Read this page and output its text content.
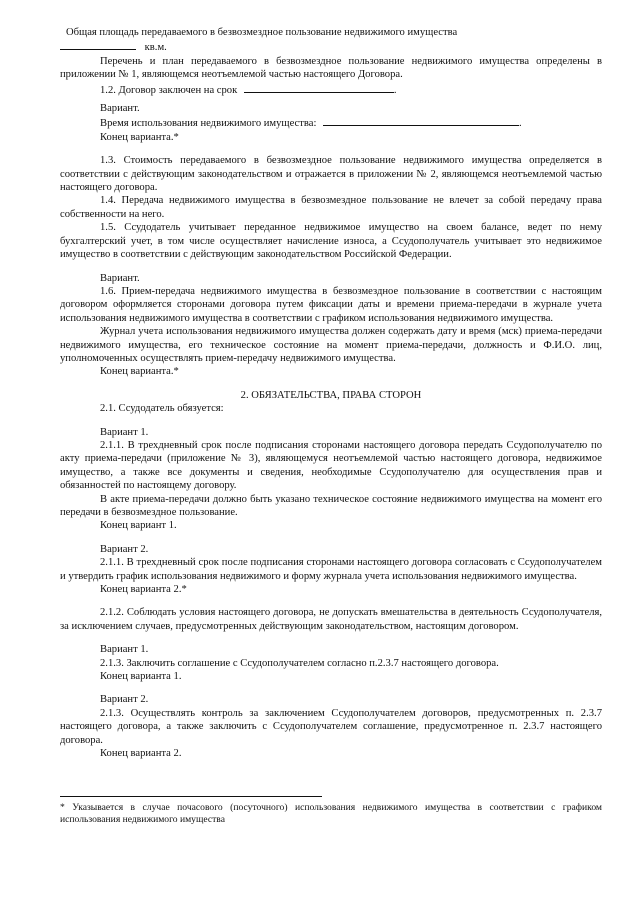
Общая площадь передаваемого в безвозмездное пользование недвижимого имущества

кв.м.

Перечень и план передаваемого в безвозмездное пользование недвижимого имущества определены в приложении № 1, являющемся неотъемлемой частью настоящего Договора.

1.2. Договор заключен на срок	.

Вариант.

Время использования недвижимого имущества:	.

Конец варианта.*

1.3. Стоимость передаваемого в безвозмездное пользование недвижимого имущества определяется в соответствии с действующим законодательством и отражается в приложении № 2, являющемся неотъемлемой частью настоящего договора.

1.4. Передача недвижимого имущества в безвозмездное пользование не влечет за собой передачу права собственности на него.

1.5. Ссудодатель учитывает переданное недвижимое имущество на своем балансе, ведет по нему бухгалтерский учет, в том числе осуществляет начисление износа, а Ссудополучатель учитывает это недвижимое имущество в соответствии с действующим законодательством Российской Федерации.

Вариант.

1.6. Прием-передача недвижимого имущества в безвозмездное пользование в соответствии с настоящим договором оформляется сторонами договора путем фиксации даты и времени приема-передачи в журнале учета использования недвижимого имущества в соответствии с графиком использования недвижимого имущества.

Журнал учета использования недвижимого имущества должен содержать дату и время (мск) приема-передачи недвижимого имущества, его техническое состояние на момент приема-передачи, должность и Ф.И.О. лиц, уполномоченных осуществлять прием-передачу недвижимого имущества.

Конец варианта.*

2. ОБЯЗАТЕЛЬСТВА, ПРАВА СТОРОН

2.1. Ссудодатель обязуется:

Вариант 1.

2.1.1. В трехдневный срок после подписания сторонами настоящего договора передать Ссудополучателю по акту приема-передачи (приложение № 3), являющемуся неотъемлемой частью настоящего договора, недвижимое имущество, а также все документы и сведения, необходимые Ссудополучателю для осуществления прав и обязанностей по настоящему договору.

В акте приема-передачи должно быть указано техническое состояние недвижимого имущества на момент его передачи в безвозмездное пользование.

Конец вариант 1.

Вариант 2.

2.1.1. В трехдневный срок после подписания сторонами настоящего договора согласовать с Ссудополучателем и утвердить график использования недвижимого и форму журнала учета использования недвижимого имущества.

Конец варианта 2.*

2.1.2. Соблюдать условия настоящего договора, не допускать вмешательства в деятельность Ссудополучателя, за исключением случаев, предусмотренных действующим законодательством, настоящим договором.

Вариант 1.

2.1.3. Заключить соглашение с Ссудополучателем согласно п.2.3.7 настоящего договора.

Конец варианта 1.

Вариант 2.

2.1.3. Осуществлять контроль за заключением Ссудополучателем договоров, предусмотренных п. 2.3.7 настоящего договора, а также заключить с Ссудополучателем соглашение, предусмотренное п. 2.3.7 настоящего договора.

Конец варианта 2.

* Указывается в случае почасового (посуточного) использования недвижимого имущества в соответствии с графиком использования недвижимого имущества
